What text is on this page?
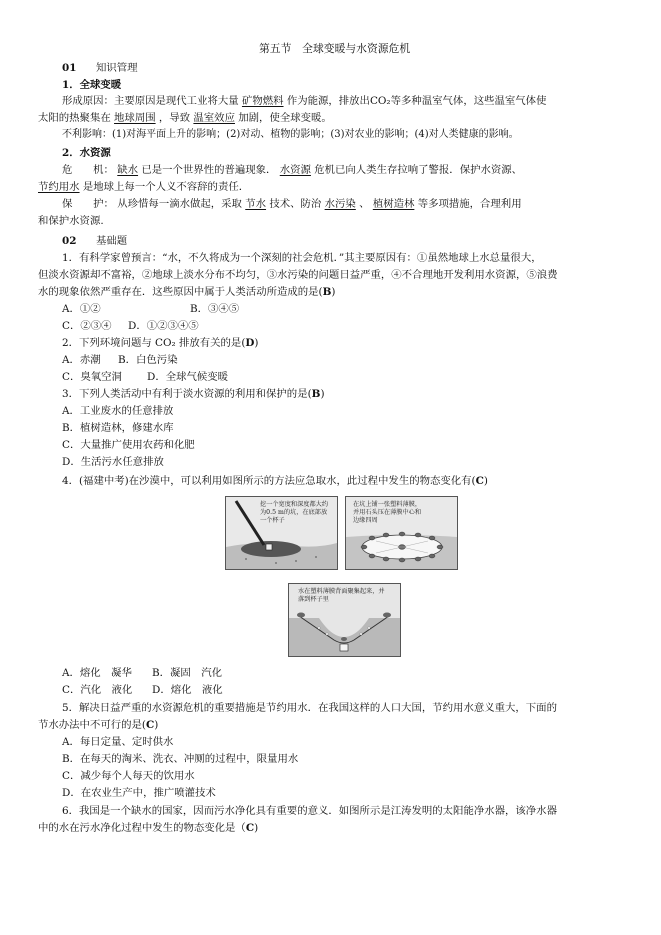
第五节　全球变暖与水资源危机
01 知识管理
1．全球变暖
形成原因：主要原因是现代工业将大量 矿物燃料 作为能源，排放出CO₂等多种温室气体，这些温室气体使
太阳的热聚集在 地球周围 ，导致 温室效应 加剧，使全球变暖。
不利影响：(1)对海平面上升的影响；(2)对动、植物的影响；(3)对农业的影响；(4)对人类健康的影响。
2．水资源
危　　机： 缺水 已是一个世界性的普遍现象． 水资源 危机已向人类生存拉响了警报．保护水资源、
节约用水 是地球上每一个人义不容辞的责任．
保　　护： 从珍惜每一滴水做起，采取 节水 技术、防治 水污染 、 植树造林 等多项措施，合理利用
和保护水资源.
02 基础题
1．有科学家曾预言：“水，不久将成为一个深刻的社会危机．”其主要原因有：①虽然地球上水总量很大，
但淡水资源却不富裕，②地球上淡水分布不均匀，③水污染的问题日益严重，④不合理地开发利用水资源，⑤浪费
水的现象依然严重存在．这些原因中属于人类活动所造成的是(B)
A．①②	B．③④⑤
C．②③④ D．①②③④⑤
2．下列环境问题与 CO₂ 排放有关的是(D)
A．赤潮 B．白色污染
C．臭氧空洞 D．全球气候变暖
3．下列人类活动中有利于淡水资源的利用和保护的是(B)
A．工业废水的任意排放
B．植树造林，修建水库
C．大量推广使用农药和化肥
D．生活污水任意排放
4．(福建中考)在沙漠中，可以利用如图所示的方法应急取水，此过程中发生的物态变化有(C)
挖一个宽度和深度都大约为0.5 m的坑，在底部放一个杯子
在坑上铺一张塑料薄膜，并用石头压在薄膜中心和边缘四周
水在塑料薄膜背面聚集起来，并落到杯子里
A．熔化　凝华 B．凝固　汽化
C．汽化　液化 D．熔化　液化
5．解决日益严重的水资源危机的重要措施是节约用水．在我国这样的人口大国，节约用水意义重大，下面的
节水办法中不可行的是(C)
A．每日定量、定时供水
B．在每天的淘米、洗衣、冲厕的过程中，限量用水
C．减少每个人每天的饮用水
D．在农业生产中，推广喷灌技术
6．我国是一个缺水的国家，因而污水净化具有重要的意义．如图所示是江涛发明的太阳能净水器，该净水器
中的水在污水净化过程中发生的物态变化是（C)
